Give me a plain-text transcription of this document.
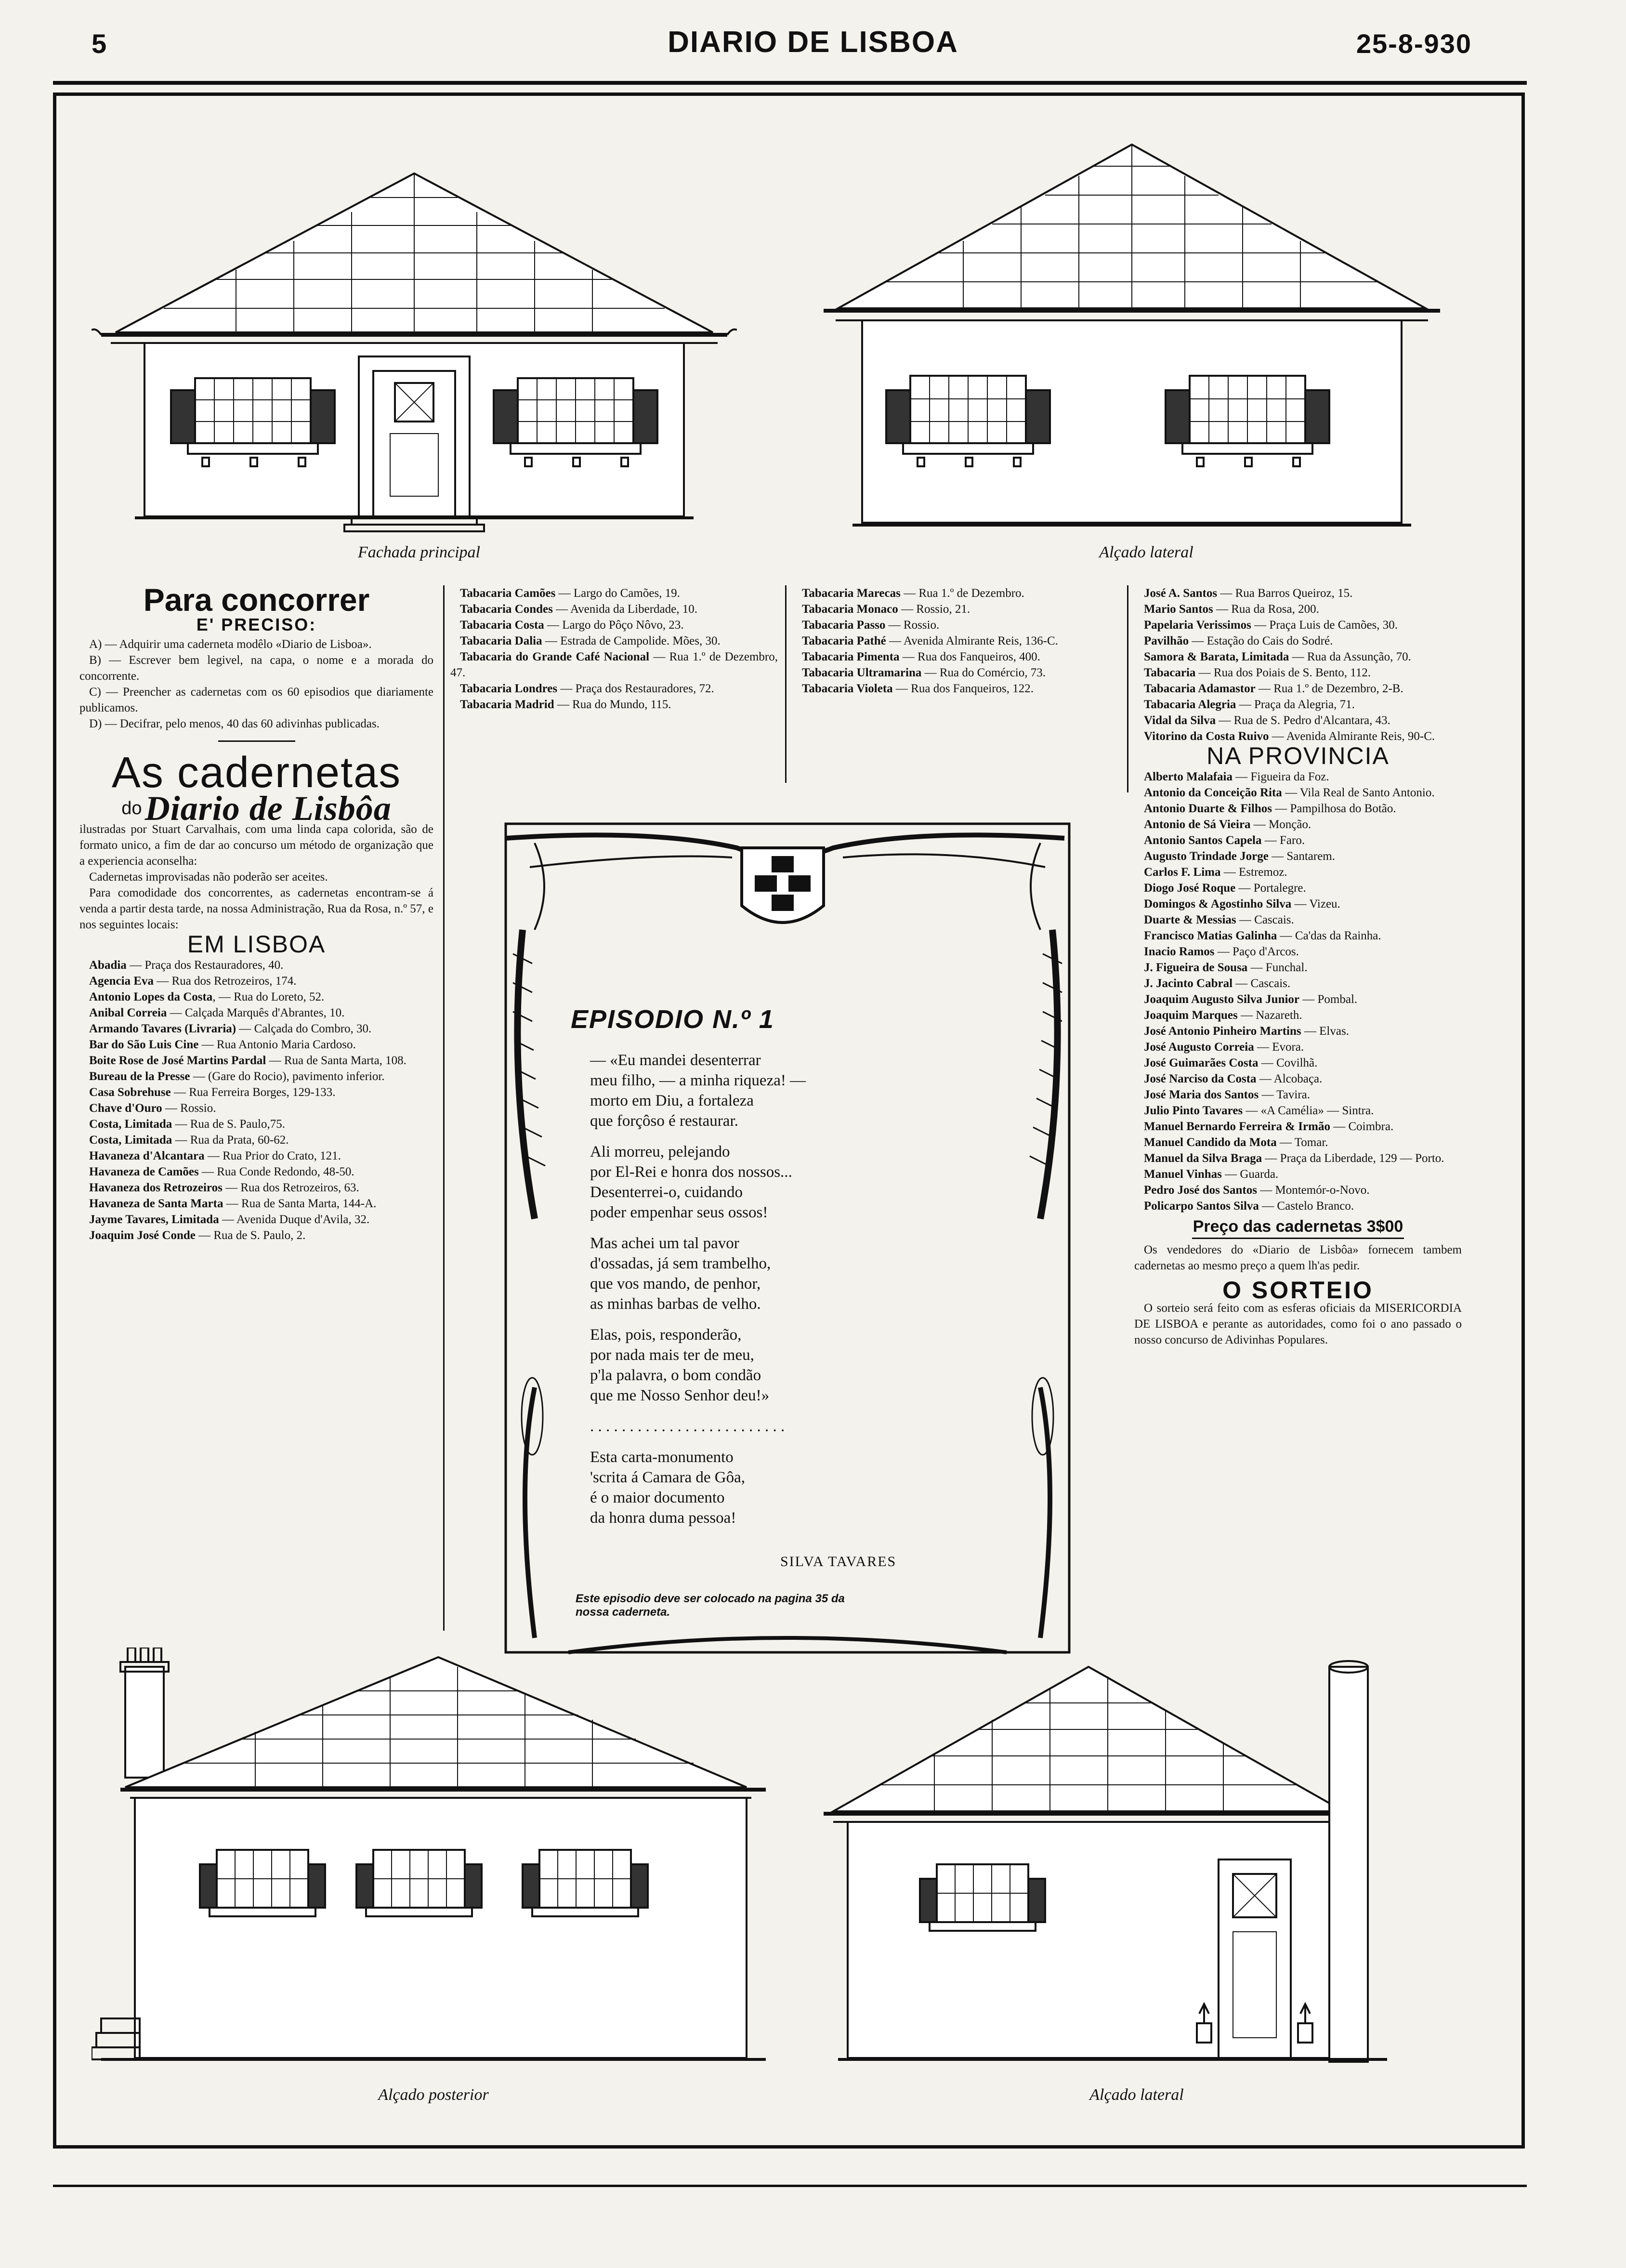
5	DIARIO DE LISBOA	25-8-930
Fachada principal	Alçado lateral
Para concorrer
E' PRECISO:

A) — Adquirir uma caderneta modêlo «Diario de Lisboa».

B) — Escrever bem legivel, na capa, o nome e a morada do concorrente.

C) — Preencher as cadernetas com os 60 episodios que diariamente publicamos.

D) — Decifrar, pelo menos, 40 das 60 adivinhas publicadas.

As cadernetas
do Diario de Lisbôa

ilustradas por Stuart Carvalhais, com uma linda capa colorida, são de formato unico, a fim de dar ao concurso um método de organização que a experiencia aconselha:

Cadernetas improvisadas não poderão ser aceites.

Para comodidade dos concorrentes, as cadernetas encontram-se á venda a partir desta tarde, na nossa Administração, Rua da Rosa, n.º 57, e nos seguintes locais:

EM LISBOA

Abadia — Praça dos Restauradores, 40.

Agencia Eva — Rua dos Retrozeiros, 174.

Antonio Lopes da Costa, — Rua do Loreto, 52.

Anibal Correia — Calçada Marquês d'Abrantes, 10.

Armando Tavares (Livraria) — Calçada do Combro, 30.

Bar do São Luis Cine — Rua Antonio Maria Cardoso.

Boite Rose de José Martins Pardal — Rua de Santa Marta, 108.

Bureau de la Presse — (Gare do Rocio), pavimento inferior.

Casa Sobrehuse — Rua Ferreira Borges, 129-133.

Chave d'Ouro — Rossio.

Costa, Limitada — Rua de S. Paulo,75.

Costa, Limitada — Rua da Prata, 60-62.

Havaneza d'Alcantara — Rua Prior do Crato, 121.

Havaneza de Camões — Rua Conde Redondo, 48-50.

Havaneza dos Retrozeiros — Rua dos Retrozeiros, 63.

Havaneza de Santa Marta — Rua de Santa Marta, 144-A.

Jayme Tavares, Limitada — Avenida Duque d'Avila, 32.

Joaquim José Conde — Rua de S. Paulo, 2.

Tabacaria Camões — Largo do Camões, 19.

Tabacaria Condes — Avenida da Liberdade, 10.

Tabacaria Costa — Largo do Pôço Nôvo, 23.

Tabacaria Dalia — Estrada de Campolide. Mões, 30.

Tabacaria do Grande Café Nacional — Rua 1.º de Dezembro, 47.

Tabacaria Londres — Praça dos Restauradores, 72.

Tabacaria Madrid — Rua do Mundo, 115.

Tabacaria Marecas — Rua 1.º de Dezembro.

Tabacaria Monaco — Rossio, 21.

Tabacaria Passo — Rossio.

Tabacaria Pathé — Avenida Almirante Reis, 136-C.

Tabacaria Pimenta — Rua dos Fanqueiros, 400.

Tabacaria Ultramarina — Rua do Comércio, 73.

Tabacaria Violeta — Rua dos Fanqueiros, 122.

EPISODIO N.º 1
— «Eu mandei desenterrar
meu filho, — a minha riqueza! —
morto em Diu, a fortaleza
que forçôso é restaurar.
Ali morreu, pelejando
por El-Rei e honra dos nossos...
Desenterrei-o, cuidando
poder empenhar seus ossos!
Mas achei um tal pavor
d'ossadas, já sem trambelho,
que vos mando, de penhor,
as minhas barbas de velho.
Elas, pois, responderão,
por nada mais ter de meu,
p'la palavra, o bom condão
que me Nosso Senhor deu!»
. . . . . . . . . . . . . . . . . . . . . . . . .
Esta carta-monumento
'scrita á Camara de Gôa,
é o maior documento
da honra duma pessoa!
SILVA TAVARES
Este episodio deve ser colocado na pagina 35 da nossa caderneta.

José A. Santos — Rua Barros Queiroz, 15.

Mario Santos — Rua da Rosa, 200.

Papelaria Verissimos — Praça Luis de Camões, 30.

Pavilhão — Estação do Cais do Sodré.

Samora & Barata, Limitada — Rua da Assunção, 70.

Tabacaria — Rua dos Poiais de S. Bento, 112.

Tabacaria Adamastor — Rua 1.º de Dezembro, 2-B.

Tabacaria Alegria — Praça da Alegria, 71.

Vidal da Silva — Rua de S. Pedro d'Alcantara, 43.

Vitorino da Costa Ruivo — Avenida Almirante Reis, 90-C.

NA PROVINCIA

Alberto Malafaia — Figueira da Foz.

Antonio da Conceição Rita — Vila Real de Santo Antonio.

Antonio Duarte & Filhos — Pampilhosa do Botão.

Antonio de Sá Vieira — Monção.

Antonio Santos Capela — Faro.

Augusto Trindade Jorge — Santarem.

Carlos F. Lima — Estremoz.

Diogo José Roque — Portalegre.

Domingos & Agostinho Silva — Vizeu.

Duarte & Messias — Cascais.

Francisco Matias Galinha — Ca'das da Rainha.

Inacio Ramos — Paço d'Arcos.

J. Figueira de Sousa — Funchal.

J. Jacinto Cabral — Cascais.

Joaquim Augusto Silva Junior — Pombal.

Joaquim Marques — Nazareth.

José Antonio Pinheiro Martins — Elvas.

José Augusto Correia — Evora.

José Guimarães Costa — Covilhã.

José Narciso da Costa — Alcobaça.

José Maria dos Santos — Tavira.

Julio Pinto Tavares — «A Camélia» — Sintra.

Manuel Bernardo Ferreira & Irmão — Coimbra.

Manuel Candido da Mota — Tomar.

Manuel da Silva Braga — Praça da Liberdade, 129 — Porto.

Manuel Vinhas — Guarda.

Pedro José dos Santos — Montemór-o-Novo.

Policarpo Santos Silva — Castelo Branco.

Preço das cadernetas 3$00

Os vendedores do «Diario de Lisbôa» fornecem tambem cadernetas ao mesmo preço a quem lh'as pedir.

O SORTEIO

O sorteio será feito com as esferas oficiais da MISERICORDIA DE LISBOA e perante as autoridades, como foi o ano passado o nosso concurso de Adivinhas Populares.

Alçado posterior	Alçado lateral
